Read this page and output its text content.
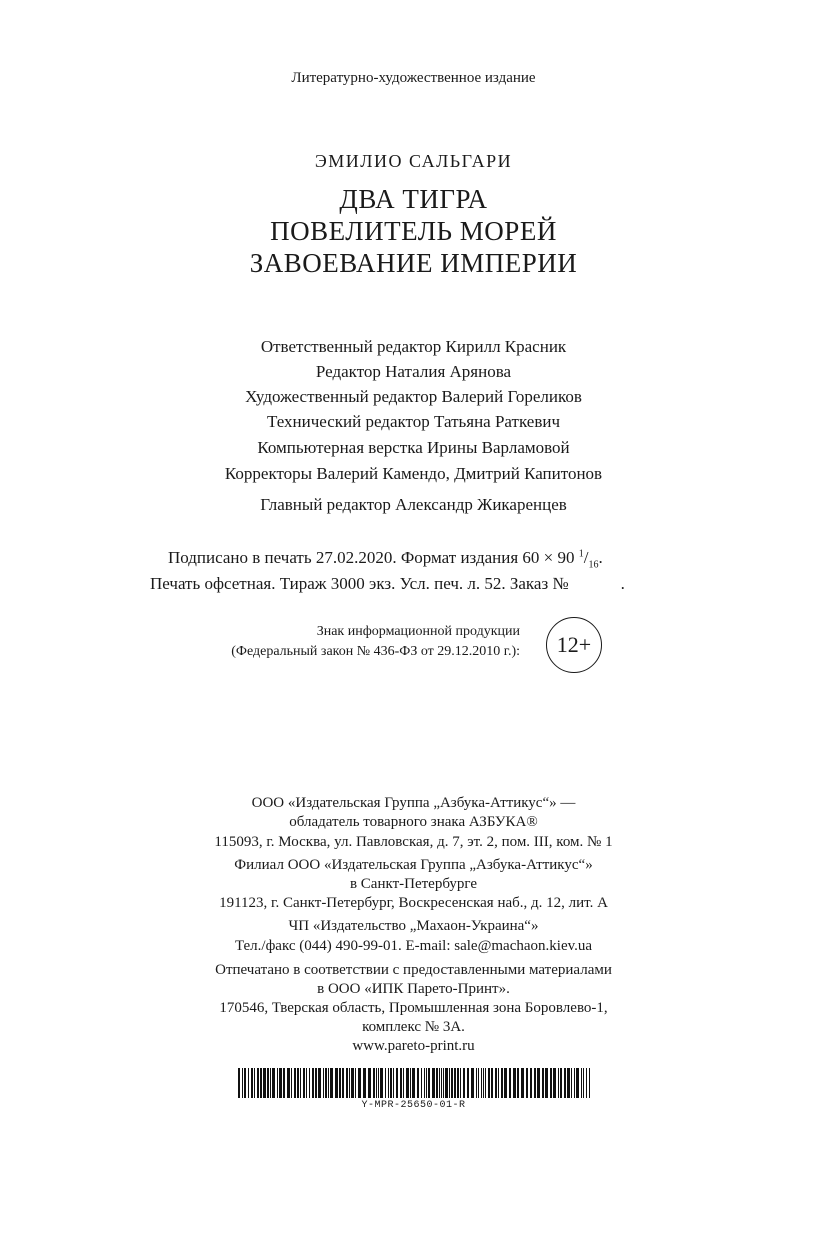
Литературно-художественное издание
ЭМИЛИО САЛЬГАРИ
ДВА ТИГРА
ПОВЕЛИТЕЛЬ МОРЕЙ
ЗАВОЕВАНИЕ ИМПЕРИИ
Ответственный редактор Кирилл Красник
Редактор Наталия Арянова
Художественный редактор Валерий Гореликов
Технический редактор Татьяна Раткевич
Компьютерная верстка Ирины Варламовой
Корректоры Валерий Камендо, Дмитрий Капитонов
Главный редактор Александр Жикаренцев
Подписано в печать 27.02.2020. Формат издания 60 × 90 $^1/_{16}$.
Печать офсетная. Тираж 3000 экз. Усл. печ. л. 52. Заказ №	.
Знак информационной продукции
(Федеральный закон № 436-ФЗ от 29.12.2010 г.): 12+
ООО «Издательская Группа „Азбука-Аттикус“» —
обладатель товарного знака АЗБУКА®
115093, г. Москва, ул. Павловская, д. 7, эт. 2, пом. III, ком. № 1
Филиал ООО «Издательская Группа „Азбука-Аттикус“»
в Санкт-Петербурге
191123, г. Санкт-Петербург, Воскресенская наб., д. 12, лит. А
ЧП «Издательство „Махаон-Украина“»
Тел./факс (044) 490-99-01. E-mail: sale@machaon.kiev.ua
Отпечатано в соответствии с предоставленными материалами
в ООО «ИПК Парето-Принт».
170546, Тверская область, Промышленная зона Боровлево-1,
комплекс № 3А.
www.pareto-print.ru
Y-MPR-25650-01-R
